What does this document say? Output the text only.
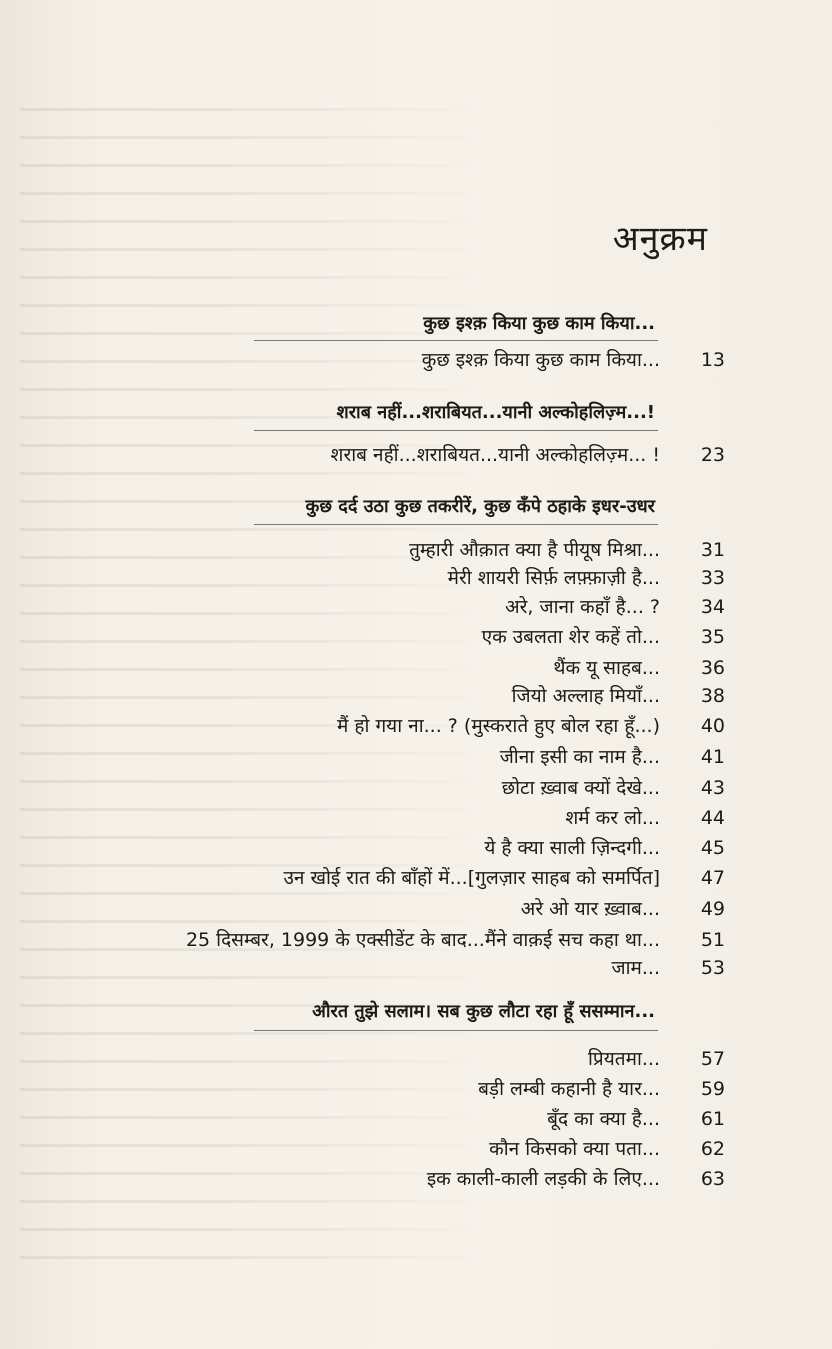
अनुक्रम
कुछ इश्क़ किया कुछ काम किया...
कुछ इश्क़ किया कुछ काम किया...	13
शराब नहीं...शराबियत...यानी अल्कोहलिज़्म...!
शराब नहीं...शराबियत...यानी अल्कोहलिज़्म... !	23
कुछ दर्द उठा कुछ तकरीरें, कुछ कँपे ठहाके इधर-उधर
तुम्हारी औक़ात क्या है पीयूष मिश्रा...	31
मेरी शायरी सिर्फ़ लफ़्फ़ाज़ी है...	33
अरे, जाना कहाँ है... ?	34
एक उबलता शेर कहें तो...	35
थैंक यू साहब...	36
जियो अल्लाह मियाँ...	38
मैं हो गया ना... ? (मुस्कराते हुए बोल रहा हूँ...)	40
जीना इसी का नाम है...	41
छोटा ख़्वाब क्यों देखे...	43
शर्म कर लो...	44
ये है क्या साली ज़िन्दगी...	45
उन खोई रात की बाँहों में...[गुलज़ार साहब को समर्पित]	47
अरे ओ यार ख़्वाब...	49
25 दिसम्बर, 1999 के एक्सीडेंट के बाद...मैंने वाक़ई सच कहा था...	51
जाम...	53
औरत तुझे सलाम। सब कुछ लौटा रहा हूँ ससम्मान...
प्रियतमा...	57
बड़ी लम्बी कहानी है यार...	59
बूँद का क्या है...	61
कौन किसको क्या पता...	62
इक काली-काली लड़की के लिए...	63
